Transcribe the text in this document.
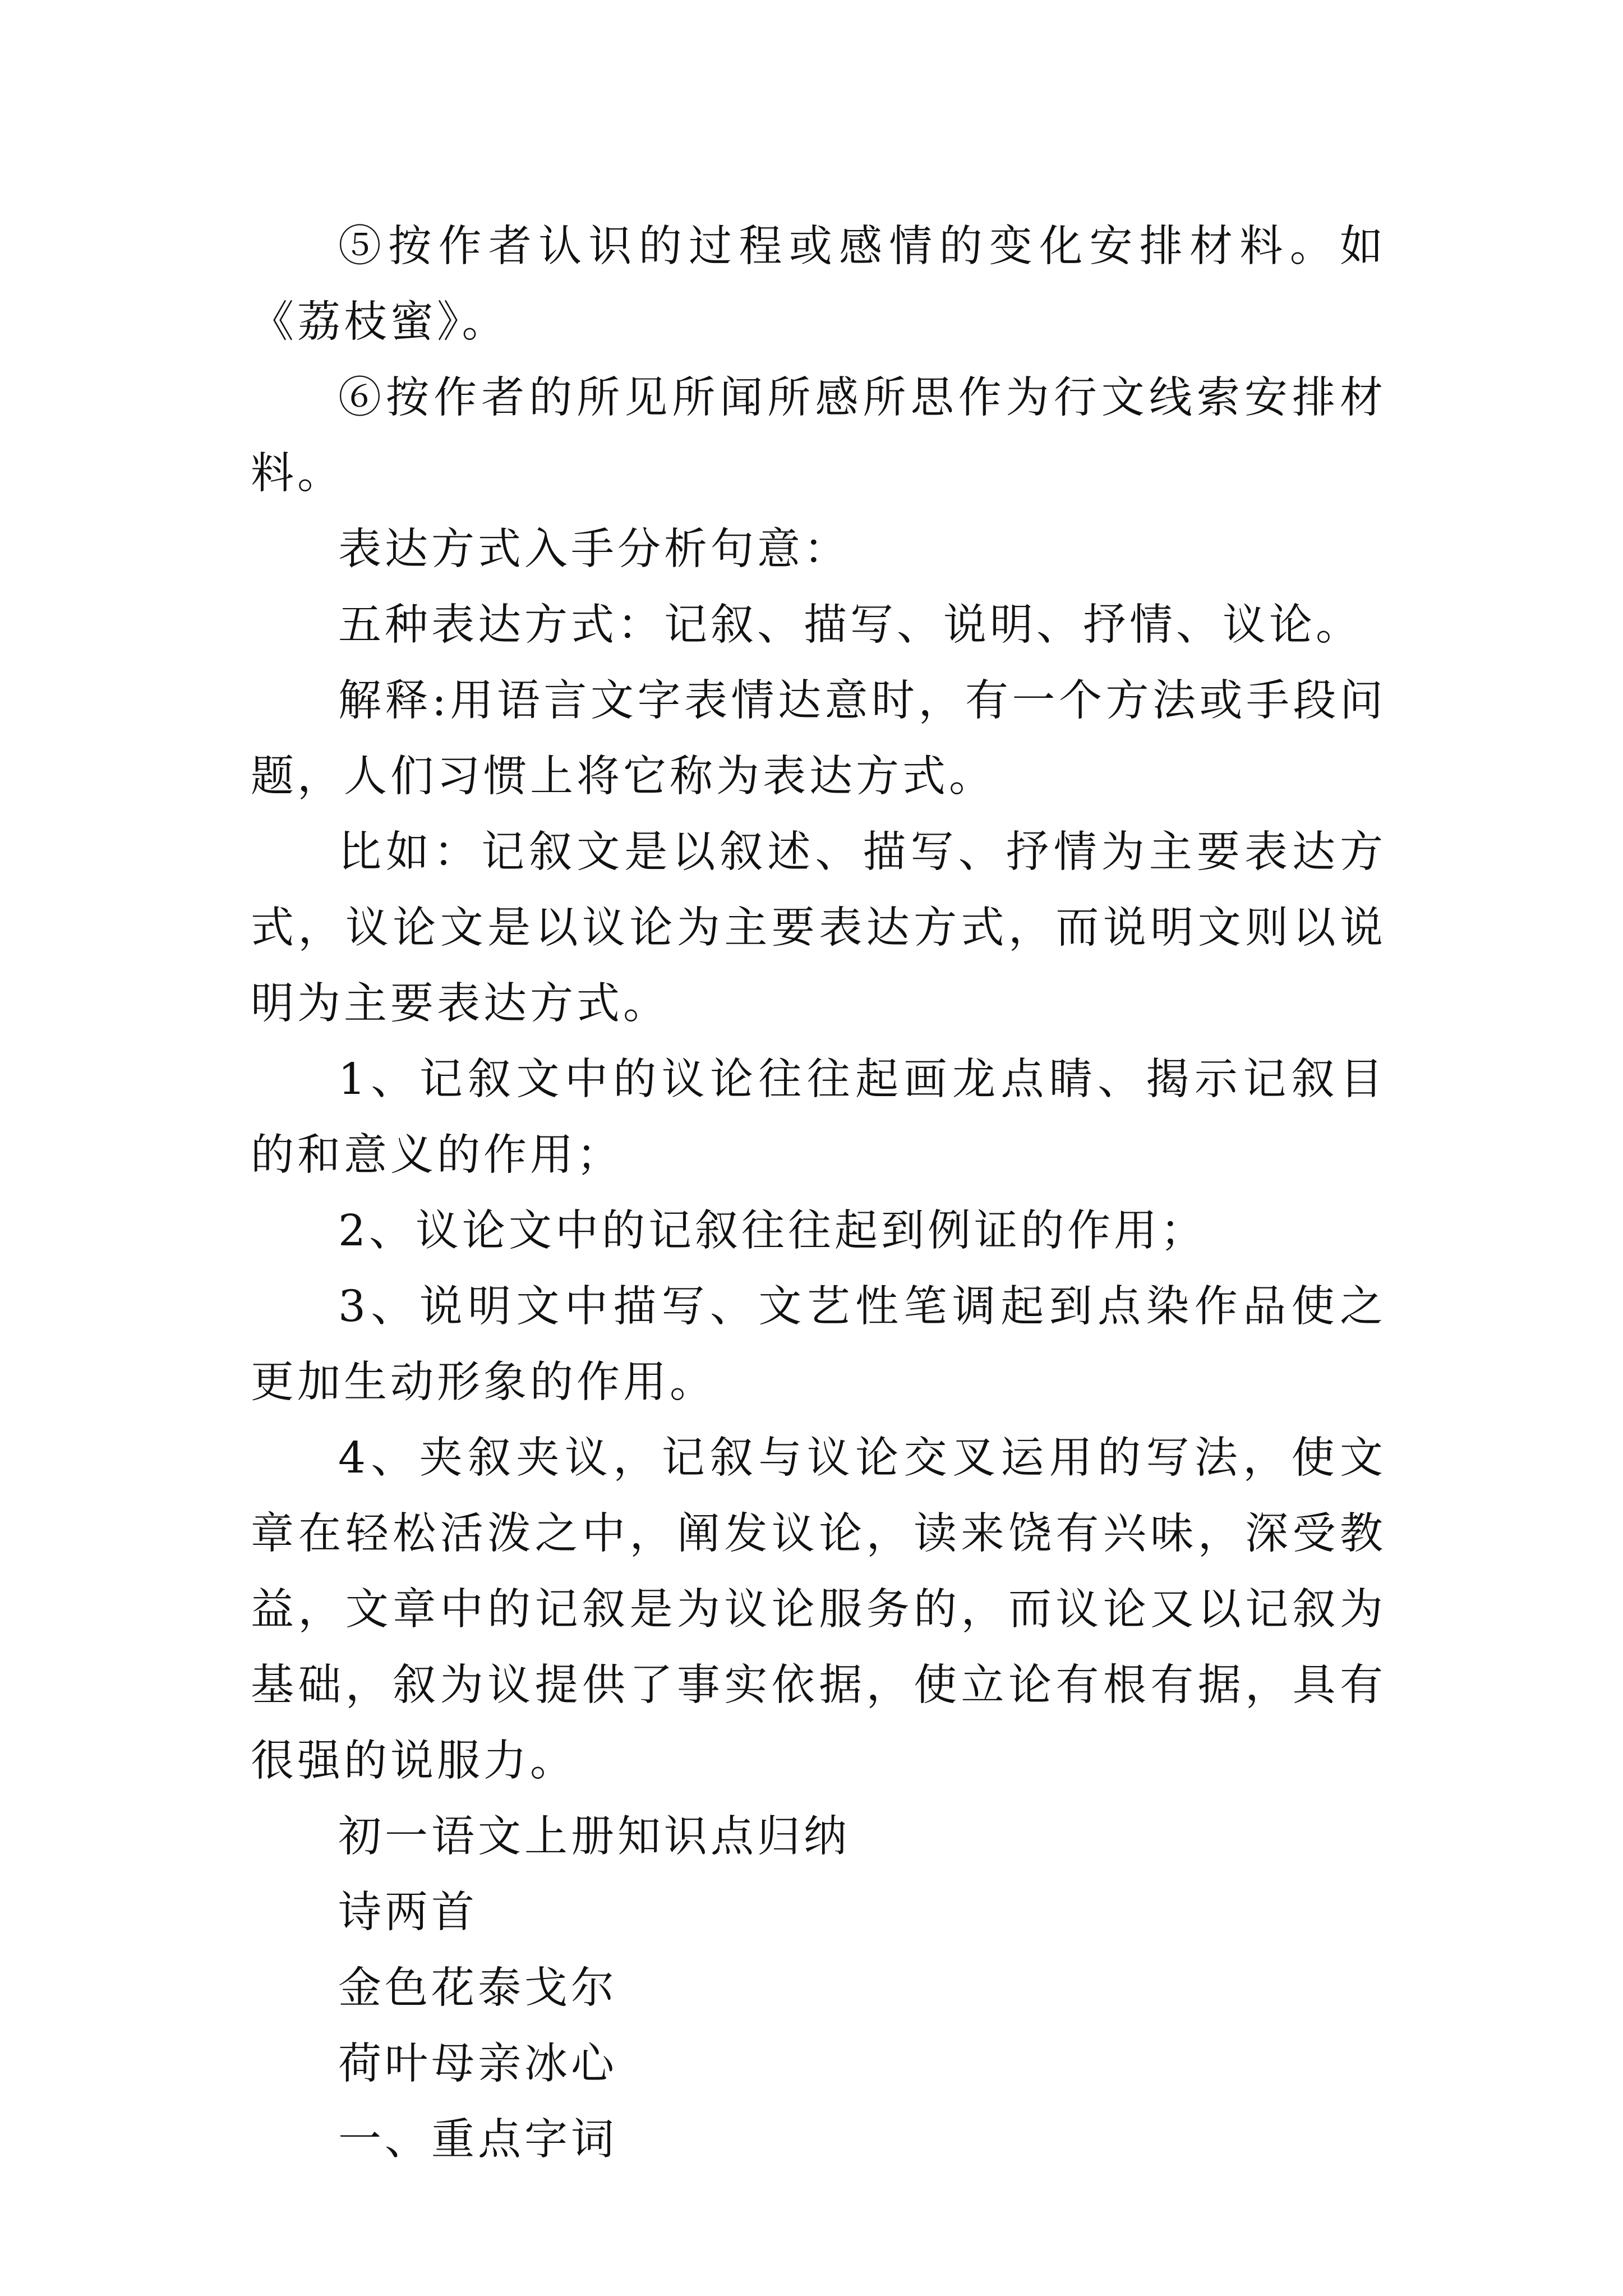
⑤按作者认识的过程或感情的变化安排材料。如《荔枝蜜》。

⑥按作者的所见所闻所感所思作为行文线索安排材料。

表达方式入手分析句意：

五种表达方式：记叙、描写、说明、抒情、议论。

解释:用语言文字表情达意时，有一个方法或手段问题，人们习惯上将它称为表达方式。

比如：记叙文是以叙述、描写、抒情为主要表达方式，议论文是以议论为主要表达方式，而说明文则以说明为主要表达方式。

1、记叙文中的议论往往起画龙点睛、揭示记叙目的和意义的作用；

2、议论文中的记叙往往起到例证的作用；

3、说明文中描写、文艺性笔调起到点染作品使之更加生动形象的作用。

4、夹叙夹议，记叙与议论交叉运用的写法，使文章在轻松活泼之中，阐发议论，读来饶有兴味，深受教益，文章中的记叙是为议论服务的，而议论又以记叙为基础，叙为议提供了事实依据，使立论有根有据，具有很强的说服力。

初一语文上册知识点归纳

诗两首

金色花泰戈尔

荷叶母亲冰心

一、重点字词
